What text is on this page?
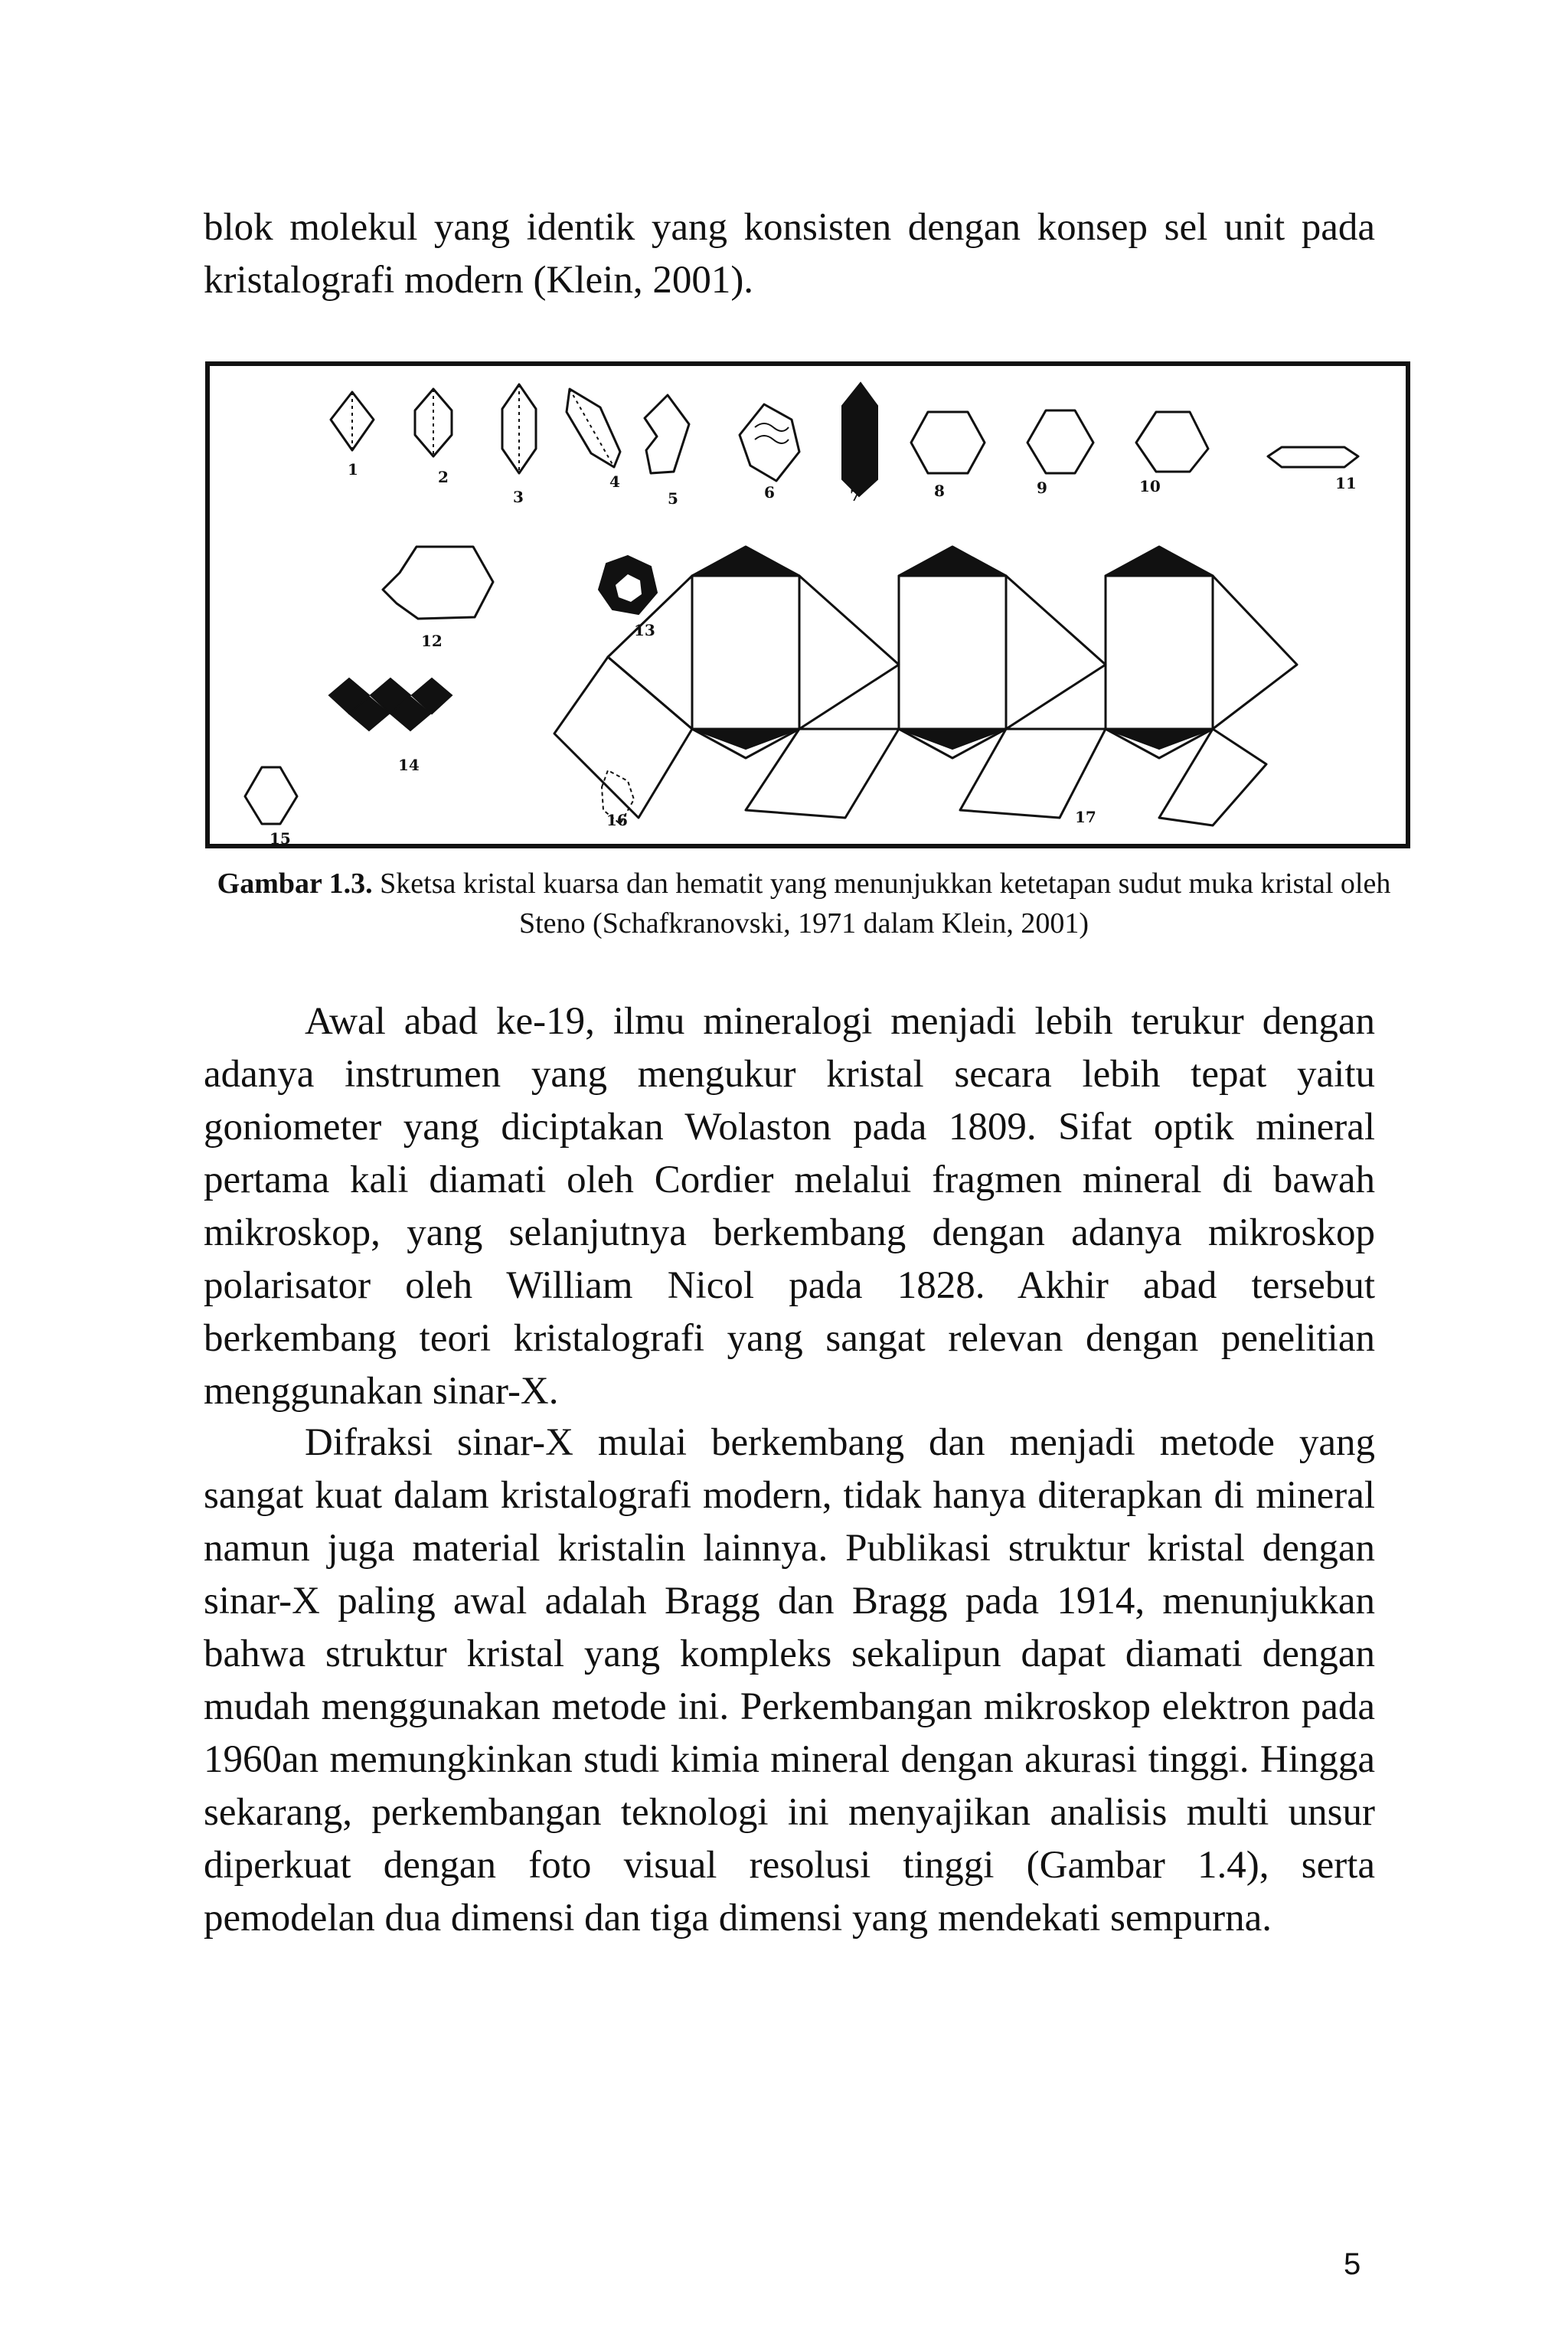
blok molekul yang identik yang konsisten dengan konsep sel unit pada kristalografi modern (Klein, 2001).

1	2
3
4
5	6	7	8	9	10	11
12
13
14
15
16	17
Gambar 1.3. Sketsa kristal kuarsa dan hematit yang menunjukkan ketetapan sudut muka kristal oleh Steno (Schafkranovski, 1971 dalam Klein, 2001)

Awal abad ke-19, ilmu mineralogi menjadi lebih terukur dengan adanya instrumen yang mengukur kristal secara lebih tepat yaitu goniometer yang diciptakan Wolaston pada 1809. Sifat optik mineral pertama kali diamati oleh Cordier melalui fragmen mineral di bawah mikroskop, yang selanjutnya berkembang dengan adanya mikroskop polarisator oleh William Nicol pada 1828. Akhir abad tersebut berkembang teori kristalografi yang sangat relevan dengan penelitian menggunakan sinar-X.

Difraksi sinar-X mulai berkembang dan menjadi metode yang sangat kuat dalam kristalografi modern, tidak hanya diterapkan di mineral namun juga material kristalin lainnya. Publikasi struktur kristal dengan sinar-X paling awal adalah Bragg dan Bragg pada 1914, menunjukkan bahwa struktur kristal yang kompleks sekalipun dapat diamati dengan mudah menggunakan metode ini. Perkembangan mikroskop elektron pada 1960an memungkinkan studi kimia mineral dengan akurasi tinggi. Hingga sekarang, perkembangan teknologi ini menyajikan analisis multi unsur diperkuat dengan foto visual resolusi tinggi (Gambar 1.4), serta pemodelan dua dimensi dan tiga dimensi yang mendekati sempurna.

5
